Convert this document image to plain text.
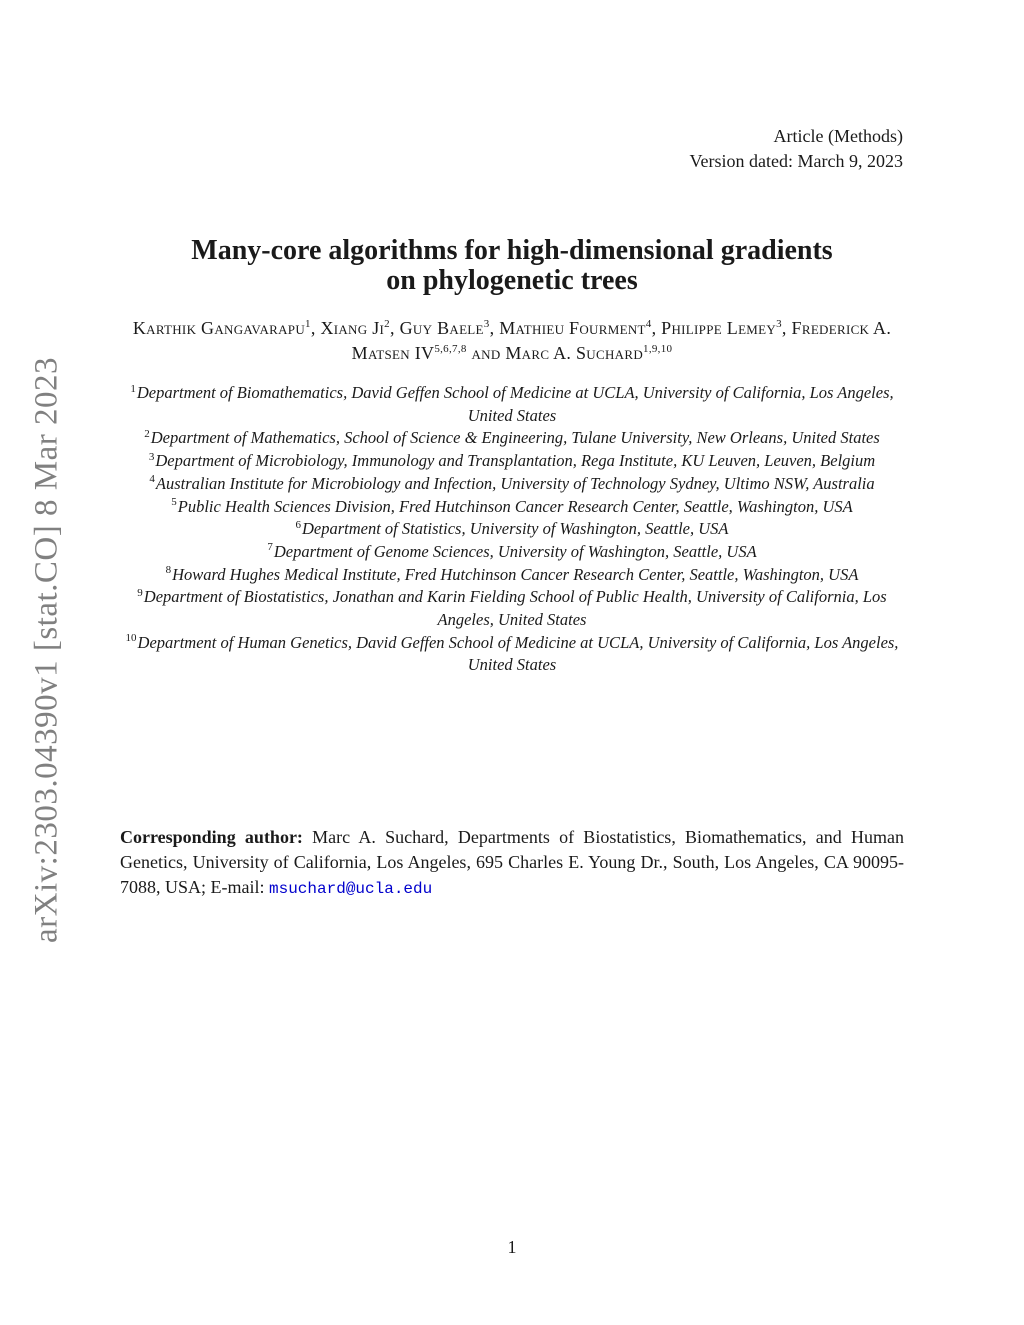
arXiv:2303.04390v1 [stat.CO] 8 Mar 2023
Article (Methods)
Version dated: March 9, 2023
Many-core algorithms for high-dimensional gradients
on phylogenetic trees
Karthik Gangavarapu$^1$, Xiang Ji$^2$, Guy Baele$^3$, Mathieu Fourment$^4$, Philippe Lemey$^3$, Frederick A. Matsen IV$^{5,6,7,8}$ and Marc A. Suchard$^{1,9,10}$
$^1$Department of Biomathematics, David Geffen School of Medicine at UCLA, University of California, Los Angeles, United States
$^2$Department of Mathematics, School of Science & Engineering, Tulane University, New Orleans, United States
$^3$Department of Microbiology, Immunology and Transplantation, Rega Institute, KU Leuven, Leuven, Belgium
$^4$Australian Institute for Microbiology and Infection, University of Technology Sydney, Ultimo NSW, Australia
$^5$Public Health Sciences Division, Fred Hutchinson Cancer Research Center, Seattle, Washington, USA
$^6$Department of Statistics, University of Washington, Seattle, USA
$^7$Department of Genome Sciences, University of Washington, Seattle, USA
$^8$Howard Hughes Medical Institute, Fred Hutchinson Cancer Research Center, Seattle, Washington, USA
$^9$Department of Biostatistics, Jonathan and Karin Fielding School of Public Health, University of California, Los Angeles, United States
$^{10}$Department of Human Genetics, David Geffen School of Medicine at UCLA, University of California, Los Angeles, United States
Corresponding author: Marc A. Suchard, Departments of Biostatistics, Biomathematics, and Human Genetics, University of California, Los Angeles, 695 Charles E. Young Dr., South, Los Angeles, CA 90095-7088, USA; E-mail: msuchard@ucla.edu
1
